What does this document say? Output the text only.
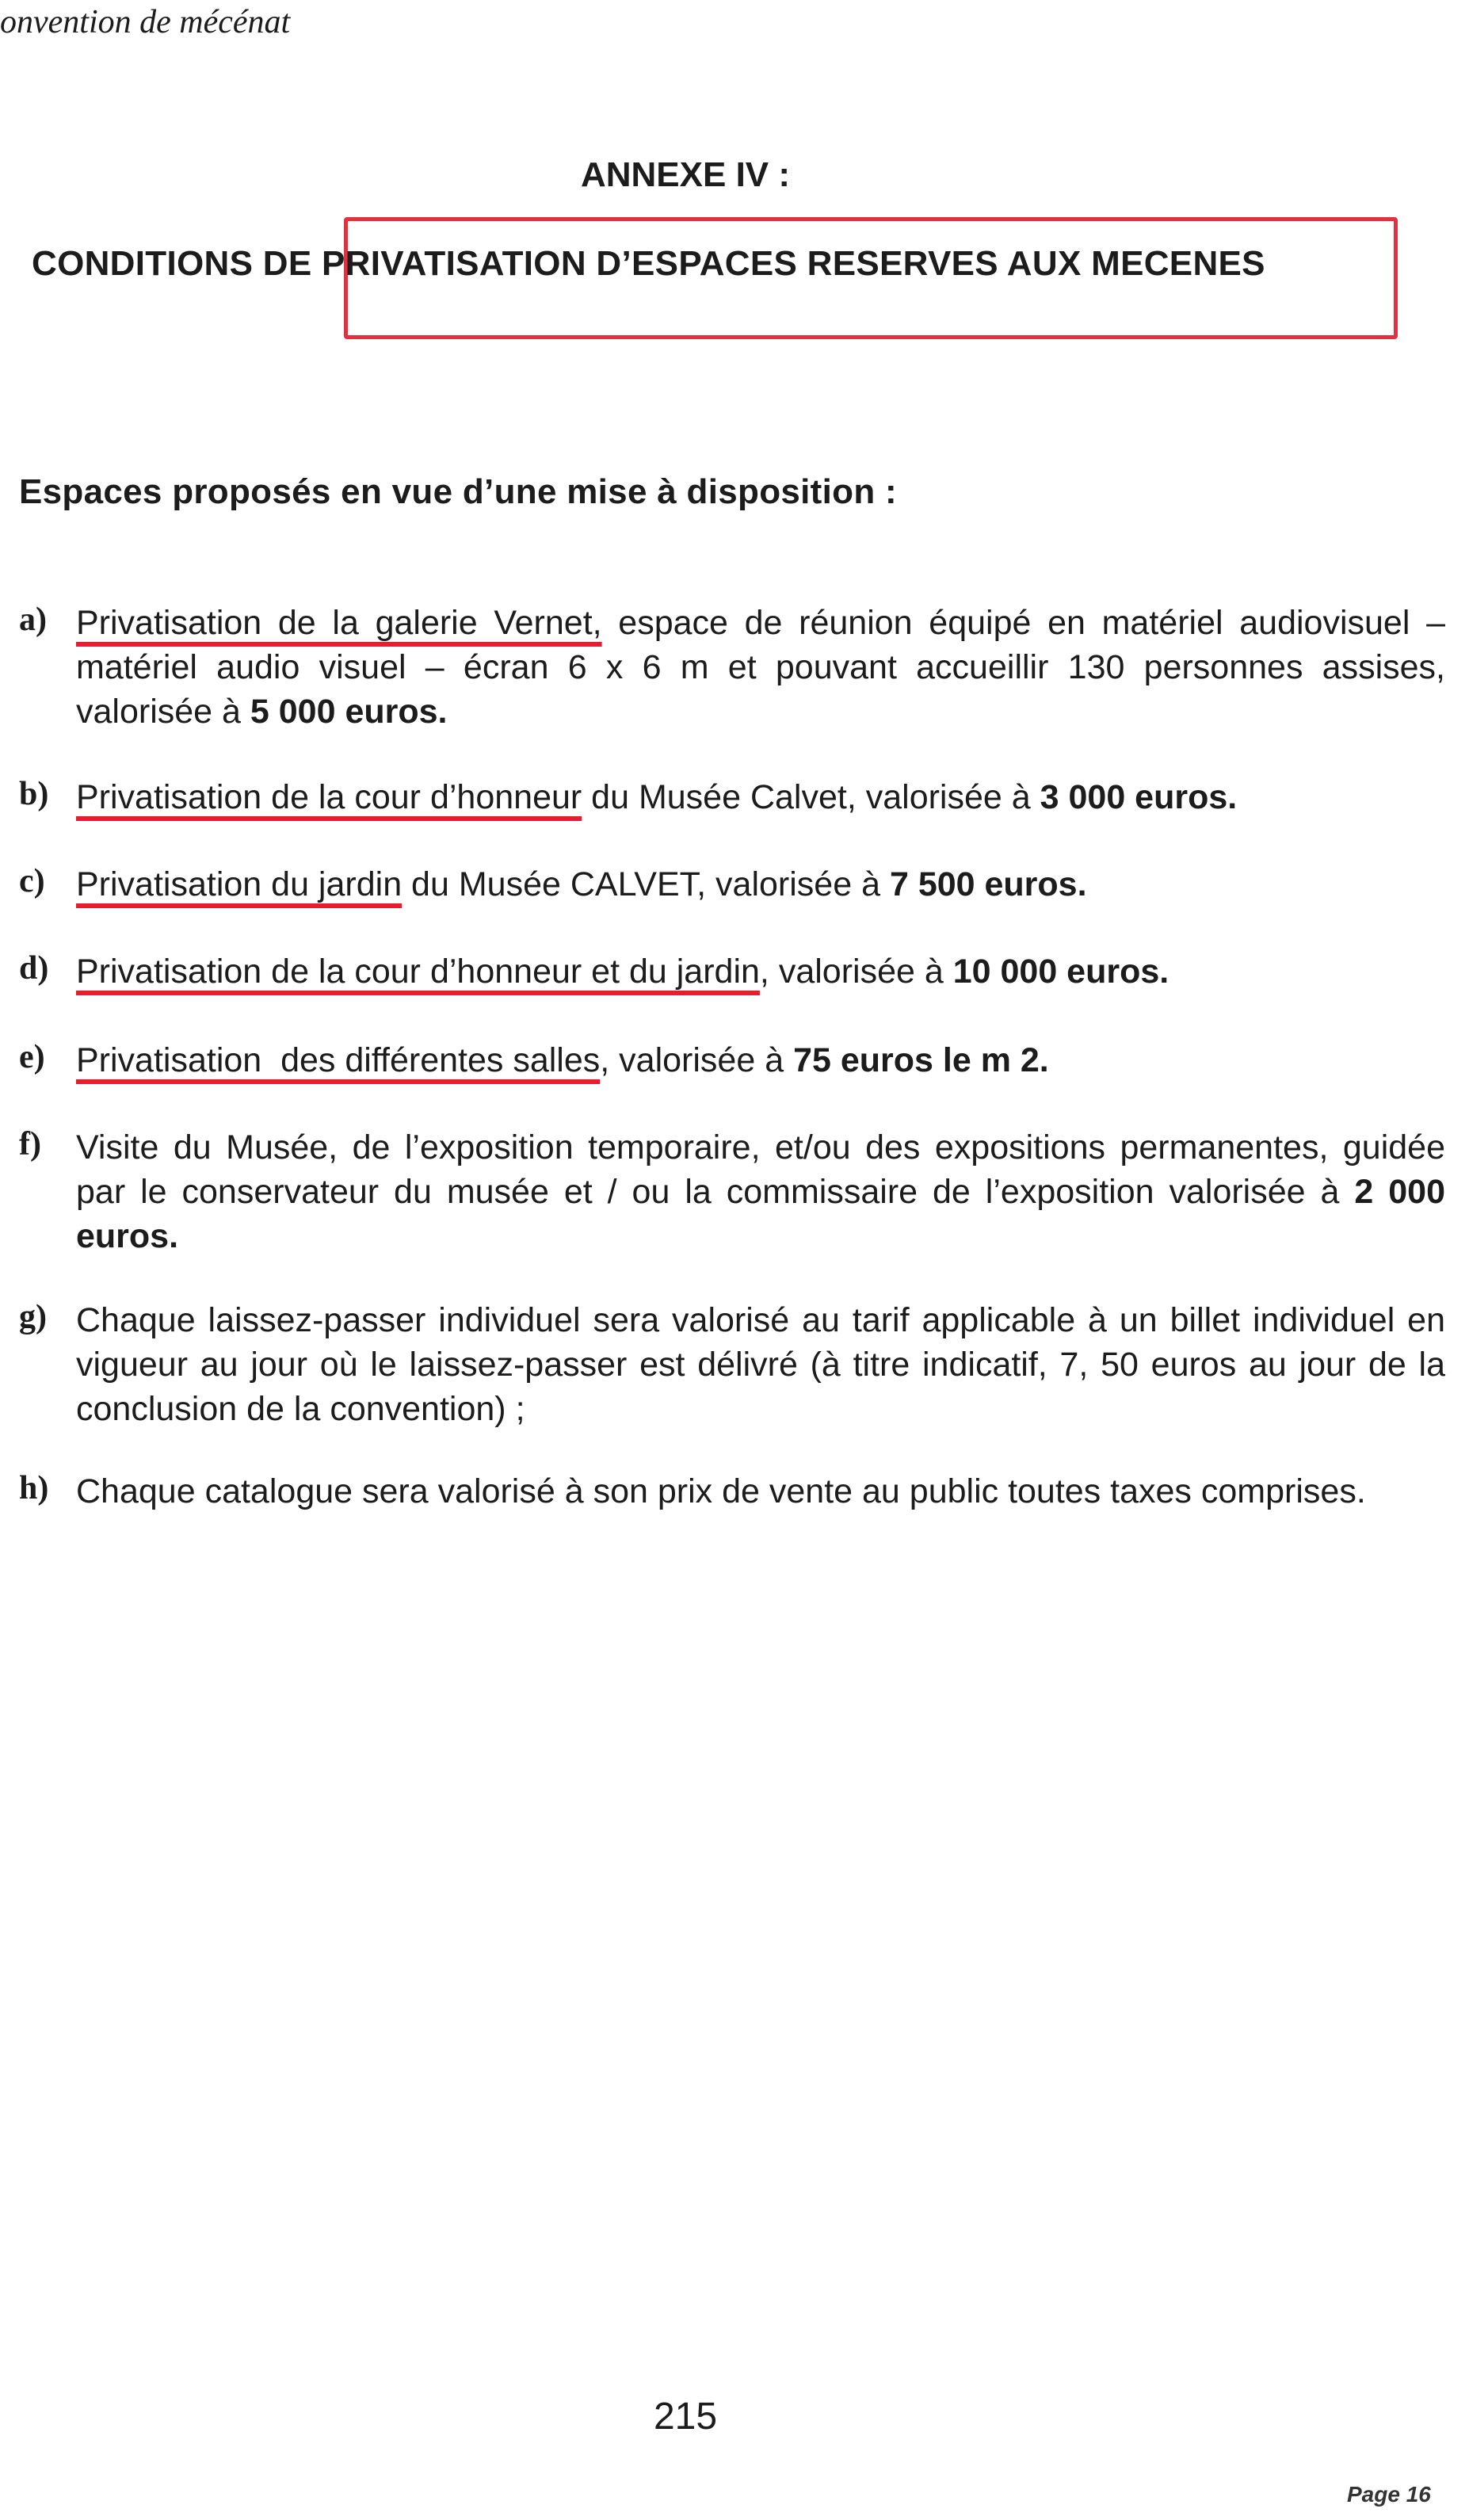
onvention de mécénat
ANNEXE IV :
CONDITIONS DE PRIVATISATION D’ESPACES RESERVES AUX MECENES
Espaces proposés en vue d’une mise à disposition :
a) Privatisation de la galerie Vernet, espace de réunion équipé en matériel audiovisuel – matériel audio visuel – écran 6 x 6 m et pouvant accueillir 130 personnes assises, valorisée à 5 000 euros.
b) Privatisation de la cour d’honneur du Musée Calvet, valorisée à 3 000 euros.
c) Privatisation du jardin du Musée CALVET, valorisée à 7 500 euros.
d) Privatisation de la cour d’honneur et du jardin, valorisée à 10 000 euros.
e) Privatisation  des différentes salles, valorisée à 75 euros le m 2.
f) Visite du Musée, de l’exposition temporaire, et/ou des expositions permanentes, guidée par le conservateur du musée et / ou la commissaire de l’exposition valorisée à 2 000 euros.
g) Chaque laissez-passer individuel sera valorisé au tarif applicable à un billet individuel en vigueur au jour où le laissez-passer est délivré (à titre indicatif, 7, 50 euros au jour de la conclusion de la convention) ;
h) Chaque catalogue sera valorisé à son prix de vente au public toutes taxes comprises.
215
Page 16
